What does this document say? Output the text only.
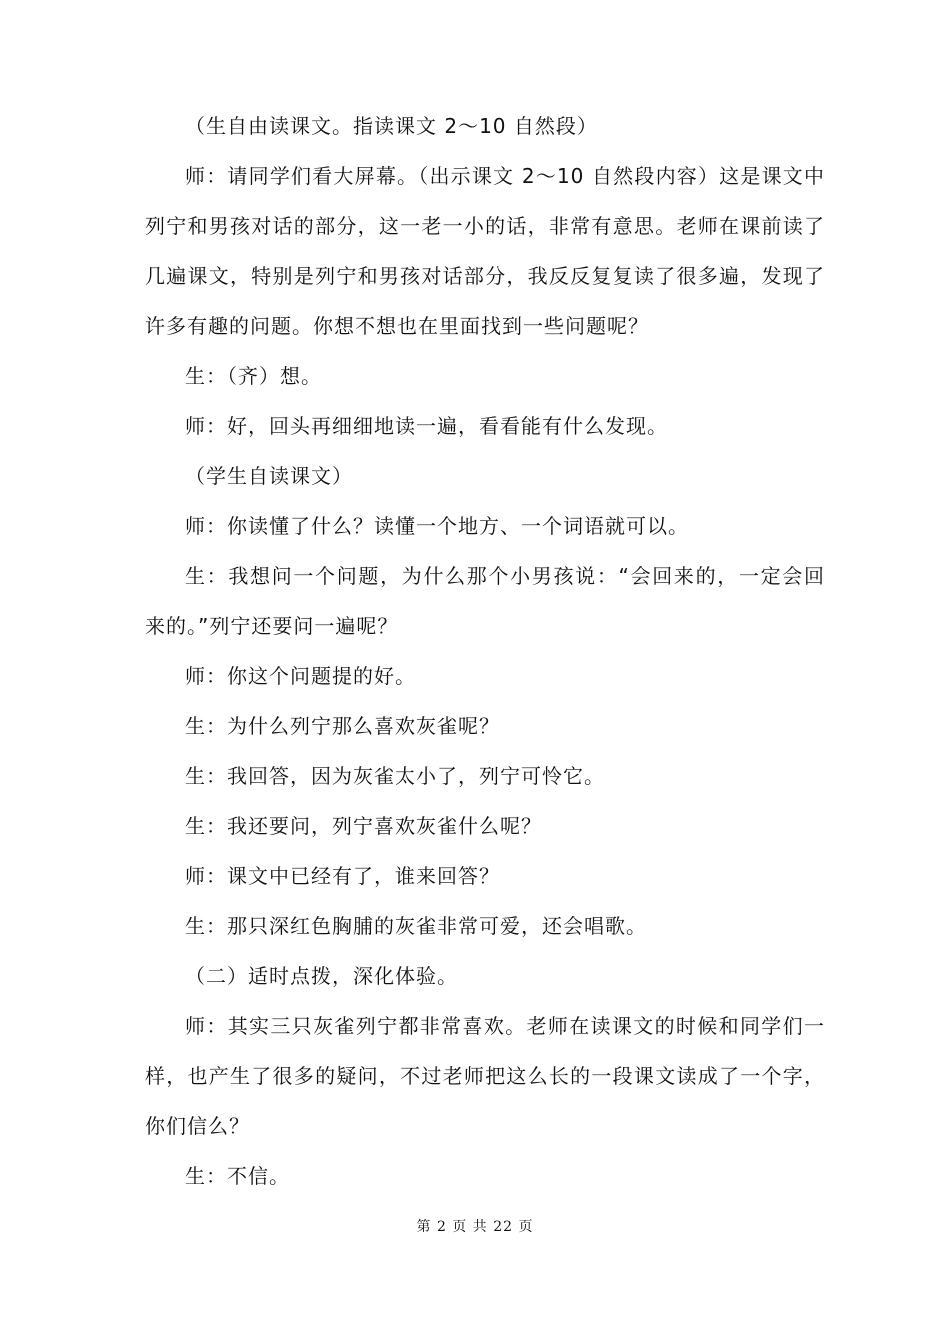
（生自由读课文。指读课文 2～10 自然段）

师：请同学们看大屏幕。（出示课文 2～10 自然段内容）这是课文中列宁和男孩对话的部分，这一老一小的话，非常有意思。老师在课前读了几遍课文，特别是列宁和男孩对话部分，我反反复复读了很多遍，发现了许多有趣的问题。你想不想也在里面找到一些问题呢？

生：（齐）想。

师：好，回头再细细地读一遍，看看能有什么发现。

（学生自读课文）

师：你读懂了什么？读懂一个地方、一个词语就可以。

生：我想问一个问题，为什么那个小男孩说：“会回来的，一定会回来的。”列宁还要问一遍呢？

师：你这个问题提的好。

生：为什么列宁那么喜欢灰雀呢？

生：我回答，因为灰雀太小了，列宁可怜它。

生：我还要问，列宁喜欢灰雀什么呢？

师：课文中已经有了，谁来回答？

生：那只深红色胸脯的灰雀非常可爱，还会唱歌。

（二）适时点拨，深化体验。

师：其实三只灰雀列宁都非常喜欢。老师在读课文的时候和同学们一样，也产生了很多的疑问，不过老师把这么长的一段课文读成了一个字，你们信么？

生：不信。

第 2 页 共 22 页
